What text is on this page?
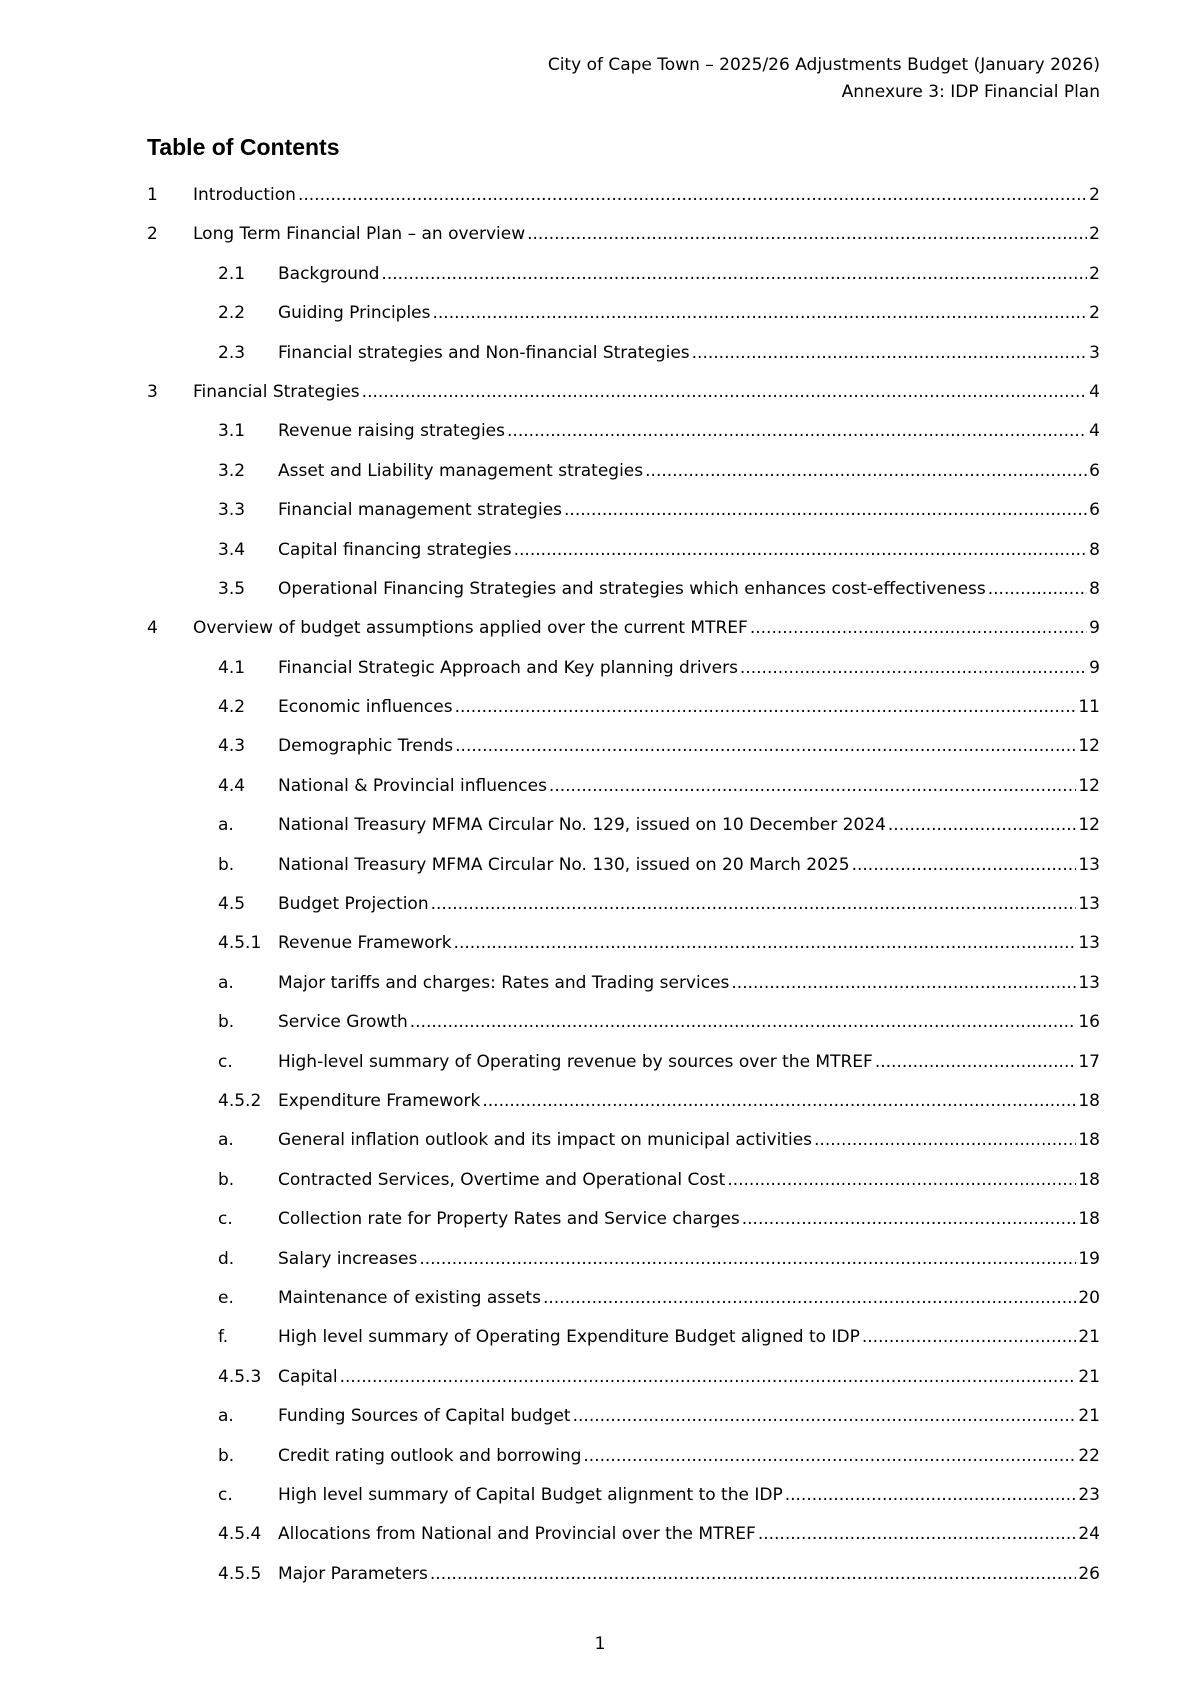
City of Cape Town – 2025/26 Adjustments Budget (January 2026)
Annexure 3: IDP Financial Plan
Table of Contents
1	Introduction .....	2
2	Long Term Financial Plan – an overview .....	2
2.1	Background .....	2
2.2	Guiding Principles .....	2
2.3	Financial strategies and Non-financial Strategies .....	3
3	Financial Strategies .....	4
3.1	Revenue raising strategies .....	4
3.2	Asset and Liability management strategies .....	6
3.3	Financial management strategies .....	6
3.4	Capital financing strategies .....	8
3.5	Operational Financing Strategies and strategies which enhances cost-effectiveness .....	8
4	Overview of budget assumptions applied over the current MTREF .....	9
4.1	Financial Strategic Approach and Key planning drivers .....	9
4.2	Economic influences .....	11
4.3	Demographic Trends .....	12
4.4	National & Provincial influences .....	12
a.	National Treasury MFMA Circular No. 129, issued on 10 December 2024 .....	12
b.	National Treasury MFMA Circular No. 130, issued on 20 March 2025 .....	13
4.5	Budget Projection .....	13
4.5.1 Revenue Framework .....	13
a.	Major tariffs and charges: Rates and Trading services .....	13
b.	Service Growth .....	16
c.	High-level summary of Operating revenue by sources over the MTREF .....	17
4.5.2 Expenditure Framework .....	18
a.	General inflation outlook and its impact on municipal activities .....	18
b.	Contracted Services, Overtime and Operational Cost .....	18
c.	Collection rate for Property Rates and Service charges .....	18
d.	Salary increases .....	19
e.	Maintenance of existing assets .....	20
f.	High level summary of Operating Expenditure Budget aligned to IDP .....	21
4.5.3 Capital .....	21
a.	Funding Sources of Capital budget .....	21
b.	Credit rating outlook and borrowing .....	22
c.	High level summary of Capital Budget alignment to the IDP .....	23
4.5.4 Allocations from National and Provincial over the MTREF .....	24
4.5.5 Major Parameters .....	26
1
